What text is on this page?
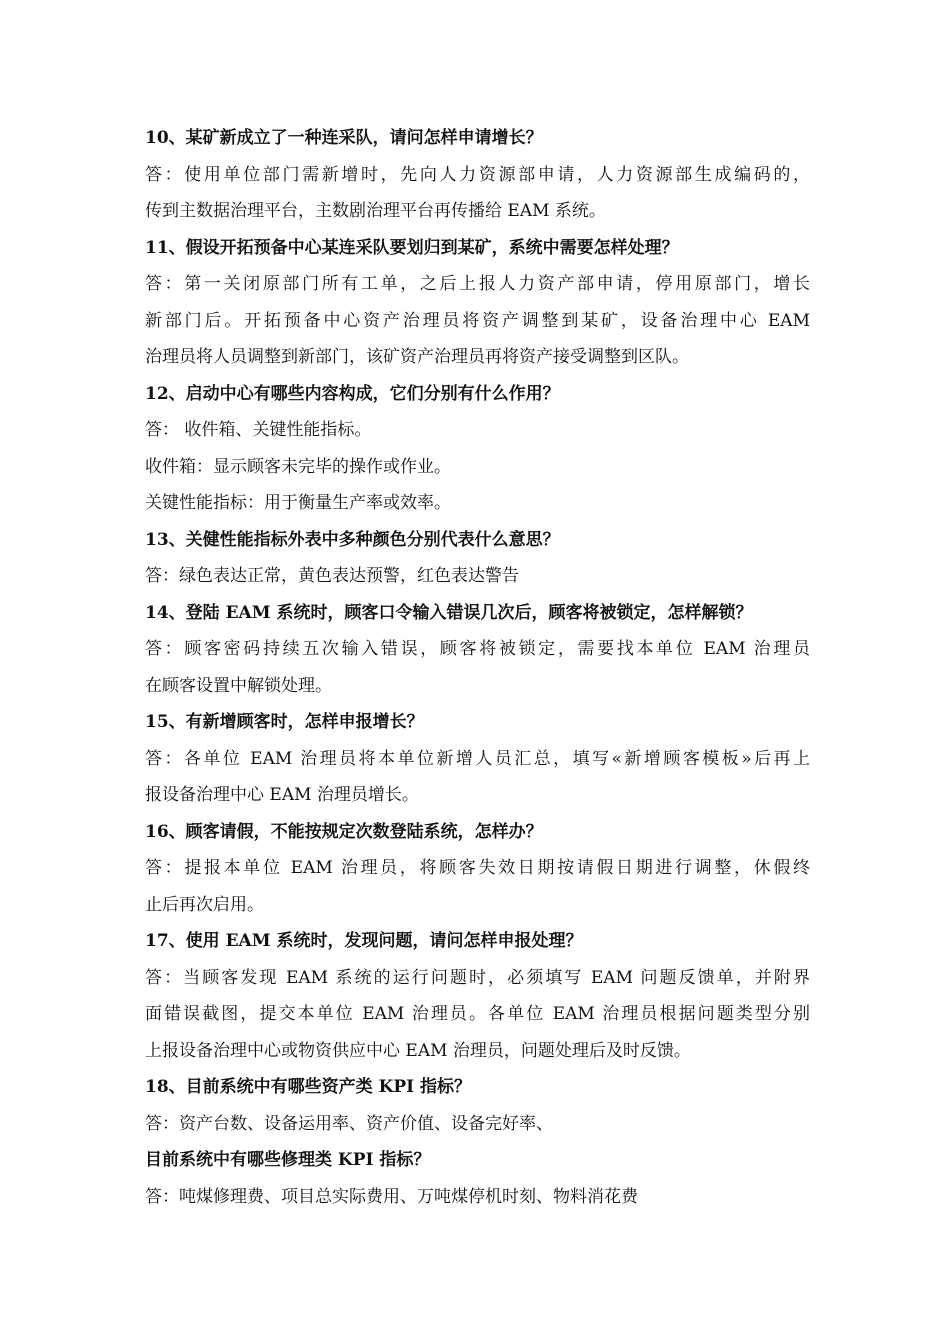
10、某矿新成立了一种连采队，请问怎样申请增长？
答：使用单位部门需新增时，先向人力资源部申请，人力资源部生成编码的，
传到主数据治理平台，主数剧治理平台再传播给 EAM 系统。
11、假设开拓预备中心某连采队要划归到某矿，系统中需要怎样处理？
答：第一关闭原部门所有工单，之后上报人力资产部申请，停用原部门，增长
新部门后。开拓预备中心资产治理员将资产调整到某矿，设备治理中心 EAM
治理员将人员调整到新部门，该矿资产治理员再将资产接受调整到区队。
12、启动中心有哪些内容构成，它们分别有什么作用？
答： 收件箱、关键性能指标。
收件箱：显示顾客未完毕的操作或作业。
关键性能指标：用于衡量生产率或效率。
13、关健性能指标外表中多种颜色分别代表什么意思？
答：绿色表达正常，黄色表达预警，红色表达警告
14、登陆 EAM 系统时，顾客口令输入错误几次后，顾客将被锁定，怎样解锁？
答：顾客密码持续五次输入错误，顾客将被锁定，需要找本单位 EAM 治理员
在顾客设置中解锁处理。
15、有新增顾客时，怎样申报增长？
答：各单位 EAM 治理员将本单位新增人员汇总，填写«新增顾客模板»后再上
报设备治理中心 EAM 治理员增长。
16、顾客请假，不能按规定次数登陆系统，怎样办？
答：提报本单位 EAM 治理员，将顾客失效日期按请假日期进行调整，休假终
止后再次启用。
17、使用 EAM 系统时，发现问题，请问怎样申报处理？
答：当顾客发现 EAM 系统的运行问题时，必须填写 EAM 问题反馈单，并附界
面错误截图，提交本单位 EAM 治理员。各单位 EAM 治理员根据问题类型分别
上报设备治理中心或物资供应中心 EAM 治理员，问题处理后及时反馈。
18、目前系统中有哪些资产类 KPI 指标？
答：资产台数、设备运用率、资产价值、设备完好率、
目前系统中有哪些修理类 KPI 指标？
答：吨煤修理费、项目总实际费用、万吨煤停机时刻、物料消花费
